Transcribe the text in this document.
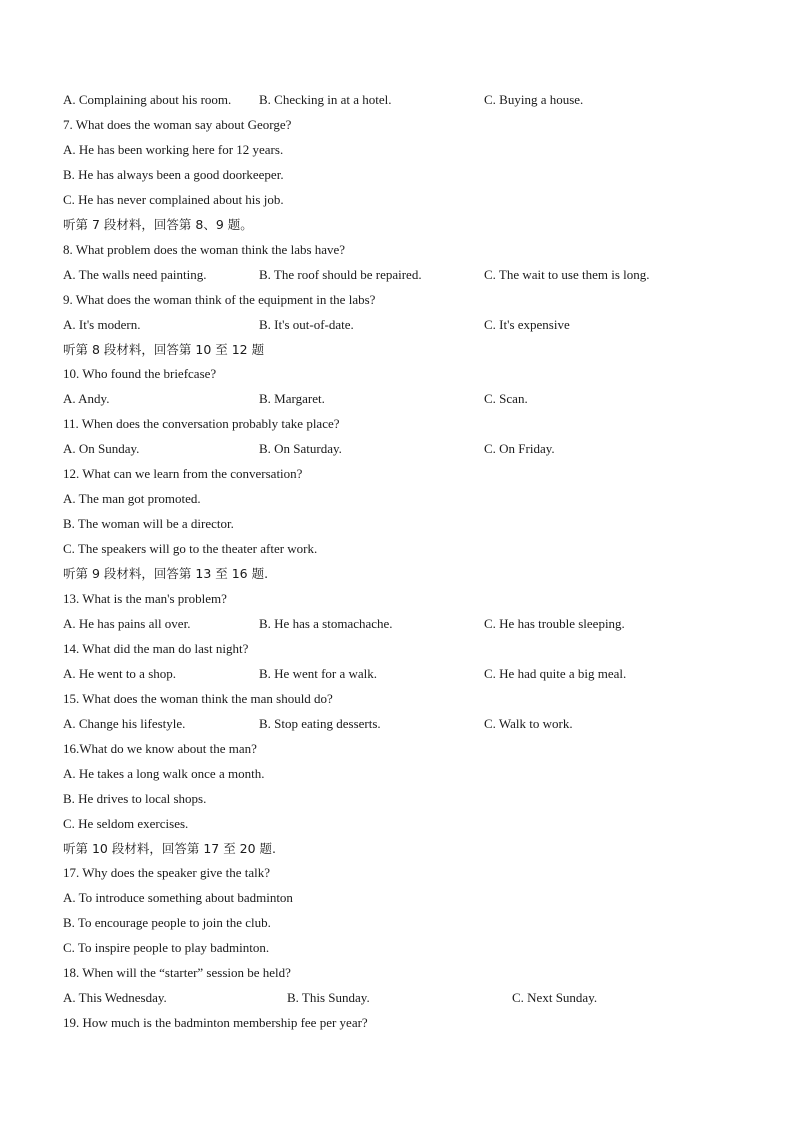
A. Complaining about his room. B. Checking in at a hotel.	C. Buying a house.
7. What does the woman say about George?
A. He has been working here for 12 years.
B. He has always been a good doorkeeper.
C. He has never complained about his job.
听第 7 段材料，回答第 8、9 题。
8. What problem does the woman think the labs have?
A. The walls need painting.	B. The roof should be repaired.	C. The wait to use them is long.
9. What does the woman think of the equipment in the labs?
A. It's modern.	B. It's out-of-date.	C. It's expensive
听第 8 段材料，回答第 10 至 12 题
10. Who found the briefcase?
A. Andy.	B. Margaret.	C. Scan.
11. When does the conversation probably take place?
A. On Sunday.	B. On Saturday.	C. On Friday.
12. What can we learn from the conversation?
A. The man got promoted.
B. The woman will be a director.
C. The speakers will go to the theater after work.
听第 9 段材料，回答第 13 至 16 题.
13. What is the man's problem?
A. He has pains all over.	B. He has a stomachache.	C. He has trouble sleeping.
14. What did the man do last night?
A. He went to a shop.	B. He went for a walk.	C. He had quite a big meal.
15. What does the woman think the man should do?
A. Change his lifestyle.	B. Stop eating desserts.	C. Walk to work.
16.What do we know about the man?
A. He takes a long walk once a month.
B. He drives to local shops.
C. He seldom exercises.
听第 10 段材料，回答第 17 至 20 题.
17. Why does the speaker give the talk?
A. To introduce something about badminton
B. To encourage people to join the club.
C. To inspire people to play badminton.
18. When will the “starter” session be held?
A. This Wednesday.	B. This Sunday.	C. Next Sunday.
19. How much is the badminton membership fee per year?
